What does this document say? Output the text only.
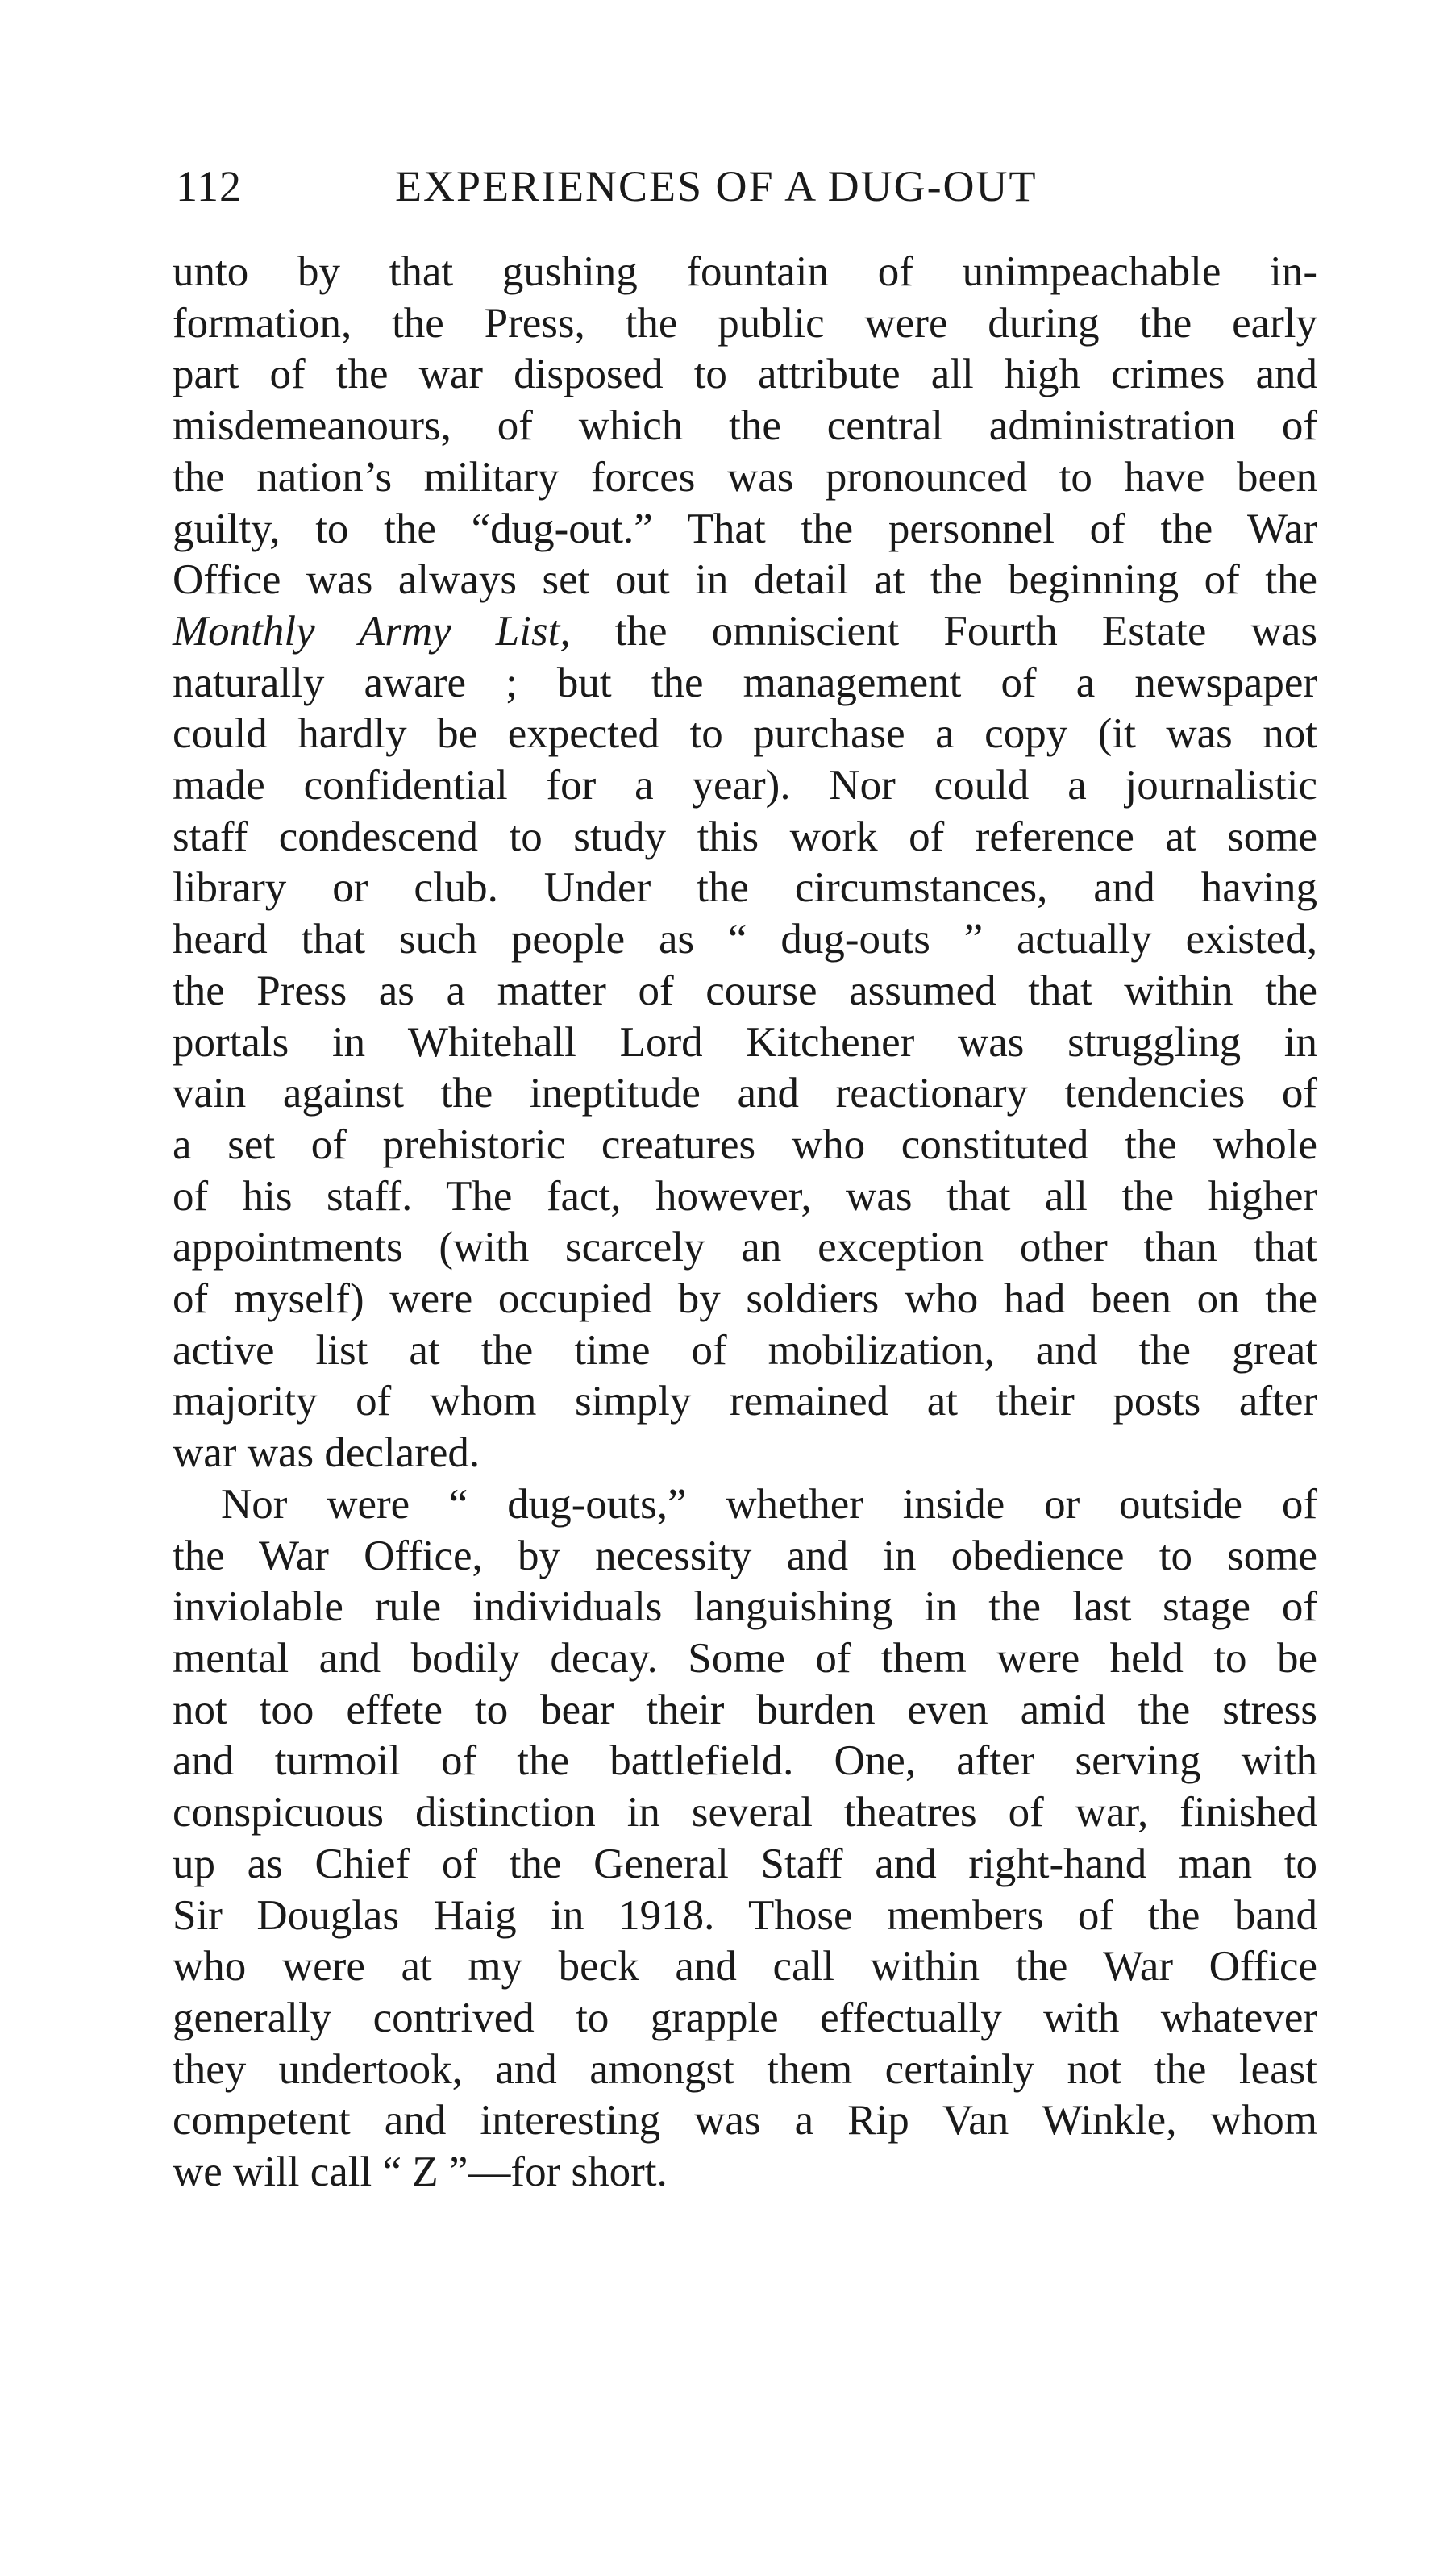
112	EXPERIENCES OF A DUG-OUT
unto by that gushing fountain of unimpeachable in-
formation, the Press, the public were during the early
part of the war disposed to attribute all high crimes and
misdemeanours, of which the central administration of
the nation’s military forces was pronounced to have been
guilty, to the “dug-out.” That the personnel of the War
Office was always set out in detail at the beginning of the
Monthly Army List, the omniscient Fourth Estate was
naturally aware ; but the management of a newspaper
could hardly be expected to purchase a copy (it was not
made confidential for a year). Nor could a journalistic
staff condescend to study this work of reference at some
library or club. Under the circumstances, and having
heard that such people as “ dug-outs ” actually existed,
the Press as a matter of course assumed that within the
portals in Whitehall Lord Kitchener was struggling in
vain against the ineptitude and reactionary tendencies of
a set of prehistoric creatures who constituted the whole
of his staff. The fact, however, was that all the higher
appointments (with scarcely an exception other than that
of myself) were occupied by soldiers who had been on the
active list at the time of mobilization, and the great
majority of whom simply remained at their posts after
war was declared.
Nor were “ dug-outs,” whether inside or outside of
the War Office, by necessity and in obedience to some
inviolable rule individuals languishing in the last stage of
mental and bodily decay. Some of them were held to be
not too effete to bear their burden even amid the stress
and turmoil of the battlefield. One, after serving with
conspicuous distinction in several theatres of war, finished
up as Chief of the General Staff and right-hand man to
Sir Douglas Haig in 1918. Those members of the band
who were at my beck and call within the War Office
generally contrived to grapple effectually with whatever
they undertook, and amongst them certainly not the least
competent and interesting was a Rip Van Winkle, whom
we will call “ Z ”—for short.
